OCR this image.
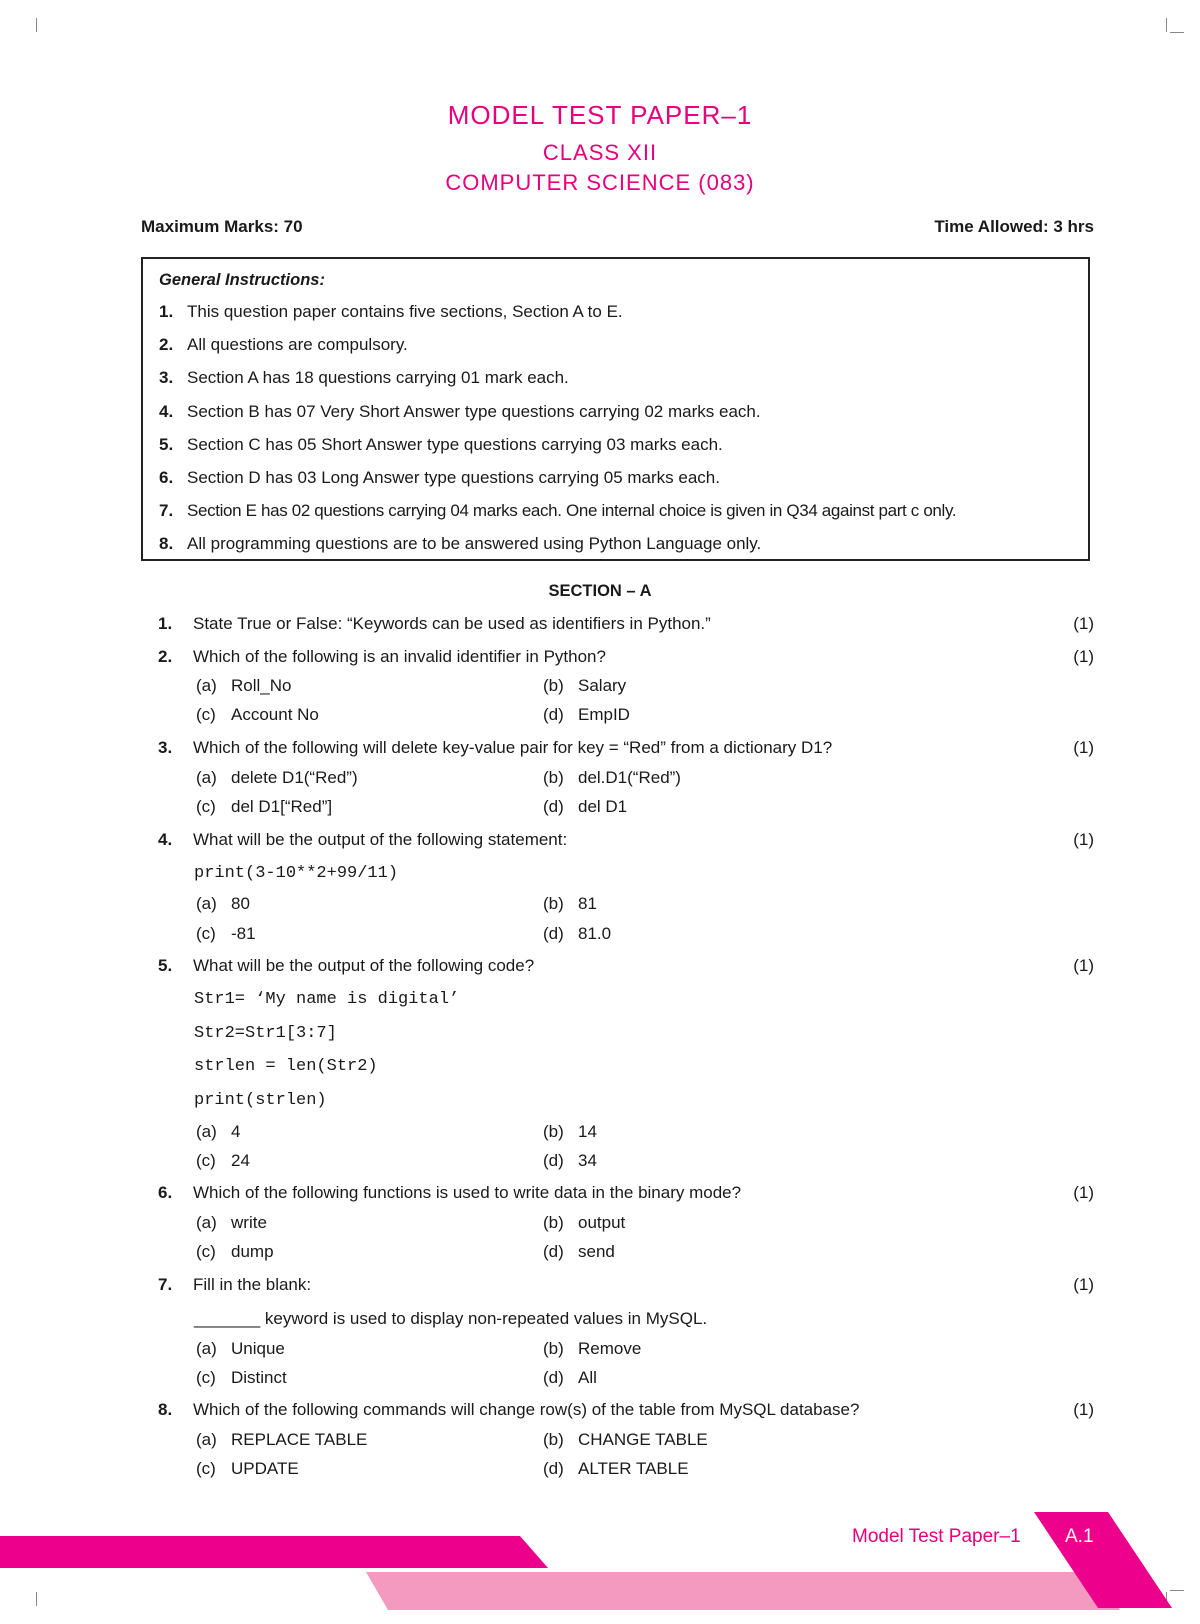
MODEL TEST PAPER–1
CLASS XII
COMPUTER SCIENCE (083)
Maximum Marks: 70	Time Allowed: 3 hrs
General Instructions:
1. This question paper contains five sections, Section A to E.
2. All questions are compulsory.
3. Section A has 18 questions carrying 01 mark each.
4. Section B has 07 Very Short Answer type questions carrying 02 marks each.
5. Section C has 05 Short Answer type questions carrying 03 marks each.
6. Section D has 03 Long Answer type questions carrying 05 marks each.
7. Section E has 02 questions carrying 04 marks each. One internal choice is given in Q34 against part c only.
8. All programming questions are to be answered using Python Language only.
SECTION – A
1. State True or False: “Keywords can be used as identifiers in Python.”	(1)
2. Which of the following is an invalid identifier in Python?	(1)
(a) Roll_No	(b) Salary
(c) Account No	(d) EmpID
3. Which of the following will delete key-value pair for key = “Red” from a dictionary D1?	(1)
(a) delete D1(“Red”)	(b) del.D1(“Red”)
(c) del D1[“Red”]	(d) del D1
4. What will be the output of the following statement:	(1)
print(3-10**2+99/11)
(a) 80	(b) 81
(c) -81	(d) 81.0
5. What will be the output of the following code?	(1)
Str1= ‘My name is digital’
Str2=Str1[3:7]
strlen = len(Str2)
print(strlen)
(a) 4	(b) 14
(c) 24	(d) 34
6. Which of the following functions is used to write data in the binary mode?	(1)
(a) write	(b) output
(c) dump	(d) send
7. Fill in the blank:	(1)
_______ keyword is used to display non-repeated values in MySQL.
(a) Unique	(b) Remove
(c) Distinct	(d) All
8. Which of the following commands will change row(s) of the table from MySQL database?	(1)
(a) REPLACE TABLE	(b) CHANGE TABLE
(c) UPDATE	(d) ALTER TABLE
Model Test Paper–1 A.1
